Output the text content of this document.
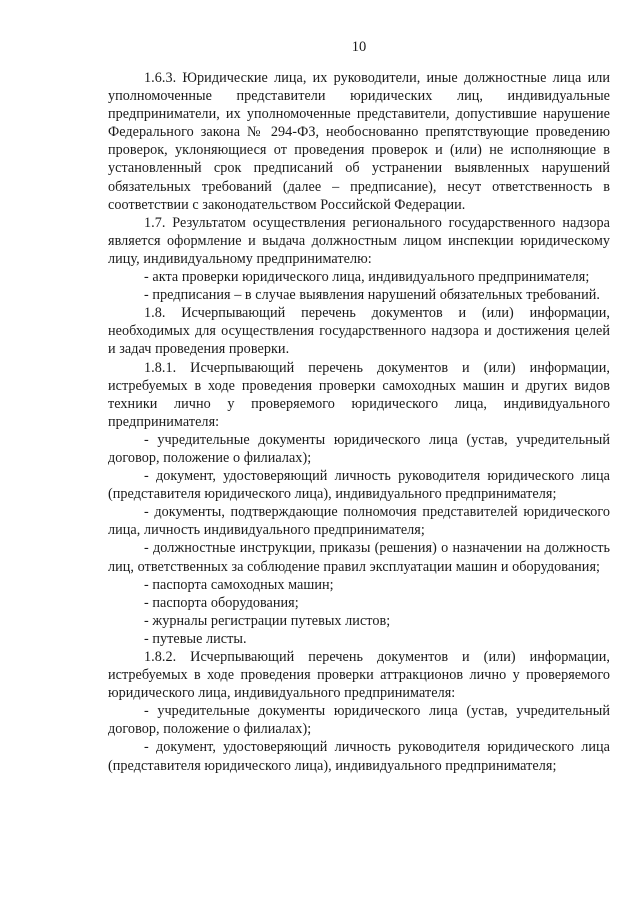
10

1.6.3. Юридические лица, их руководители, иные должностные лица или уполномоченные представители юридических лиц, индивидуальные предприниматели, их уполномоченные представители, допустившие нарушение Федерального закона № 294-ФЗ, необоснованно препятствующие проведению проверок, уклоняющиеся от проведения проверок и (или) не исполняющие в установленный срок предписаний об устранении выявленных нарушений обязательных требований (далее – предписание), несут ответственность в соответствии с законодательством Российской Федерации.

1.7. Результатом осуществления регионального государственного надзора является оформление и выдача должностным лицом инспекции юридическому лицу, индивидуальному предпринимателю:

- акта проверки юридического лица, индивидуального предпринимателя;

- предписания – в случае выявления нарушений обязательных требований.

1.8. Исчерпывающий перечень документов и (или) информации, необходимых для осуществления государственного надзора и достижения целей и задач проведения проверки.

1.8.1. Исчерпывающий перечень документов и (или) информации, истребуемых в ходе проведения проверки самоходных машин и других видов техники лично у проверяемого юридического лица, индивидуального предпринимателя:

- учредительные документы юридического лица (устав, учредительный договор, положение о филиалах);

- документ, удостоверяющий личность руководителя юридического лица (представителя юридического лица), индивидуального предпринимателя;

- документы, подтверждающие полномочия представителей юридического лица, личность индивидуального предпринимателя;

- должностные инструкции, приказы (решения) о назначении на должность лиц, ответственных за соблюдение правил эксплуатации машин и оборудования;

- паспорта самоходных машин;

- паспорта оборудования;

- журналы регистрации путевых листов;

- путевые листы.

1.8.2. Исчерпывающий перечень документов и (или) информации, истребуемых в ходе проведения проверки аттракционов лично у проверяемого юридического лица, индивидуального предпринимателя:

- учредительные документы юридического лица (устав, учредительный договор, положение о филиалах);

- документ, удостоверяющий личность руководителя юридического лица (представителя юридического лица), индивидуального предпринимателя;
